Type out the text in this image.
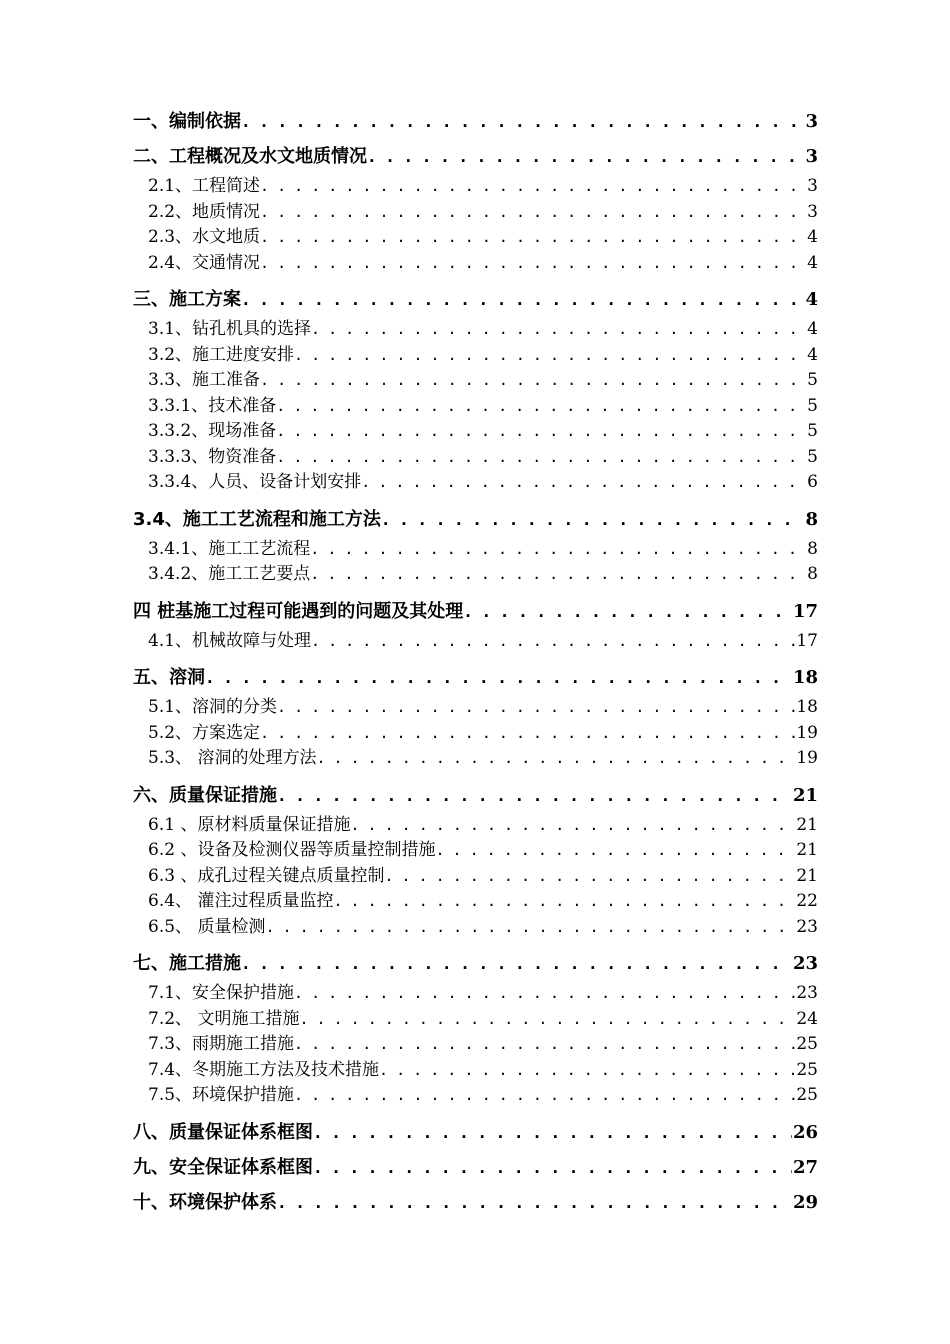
一、编制依据 . . .	3
二、工程概况及水文地质情况 . . .	3
2.1、工程简述 . . .	3
2.2、地质情况 . . .	3
2.3、水文地质 . . .	4
2.4、交通情况 . . .	4
三、施工方案 . . .	4
3.1、钻孔机具的选择 . . .	4
3.2、施工进度安排 . . .	4
3.3、施工准备 . . .	5
3.3.1、技术准备 . . .	5
3.3.2、现场准备 . . .	5
3.3.3、物资准备 . . .	5
3.3.4、人员、设备计划安排 . . .	6
3.4、施工工艺流程和施工方法 . . .	8
3.4.1、施工工艺流程 . . .	8
3.4.2、施工工艺要点 . . .	8
四 桩基施工过程可能遇到的问题及其处理 . . .	17
4.1、机械故障与处理 . . .	17
五、溶洞 . . .	18
5.1、溶洞的分类 . . .	18
5.2、方案选定 . . .	19
5.3、 溶洞的处理方法 . . .	19
六、质量保证措施 . . .	21
6.1 、原材料质量保证措施 . . .	21
6.2 、设备及检测仪器等质量控制措施 . . .	21
6.3 、成孔过程关键点质量控制 . . .	21
6.4、 灌注过程质量监控 . . .	22
6.5、 质量检测 . . .	23
七、施工措施 . . .	23
7.1、安全保护措施 . . .	23
7.2、 文明施工措施 . . .	24
7.3、雨期施工措施 . . .	25
7.4、冬期施工方法及技术措施 . . .	25
7.5、环境保护措施 . . .	25
八、质量保证体系框图 . . .	26
九、安全保证体系框图 . . .	27
十、环境保护体系 . . .	29
